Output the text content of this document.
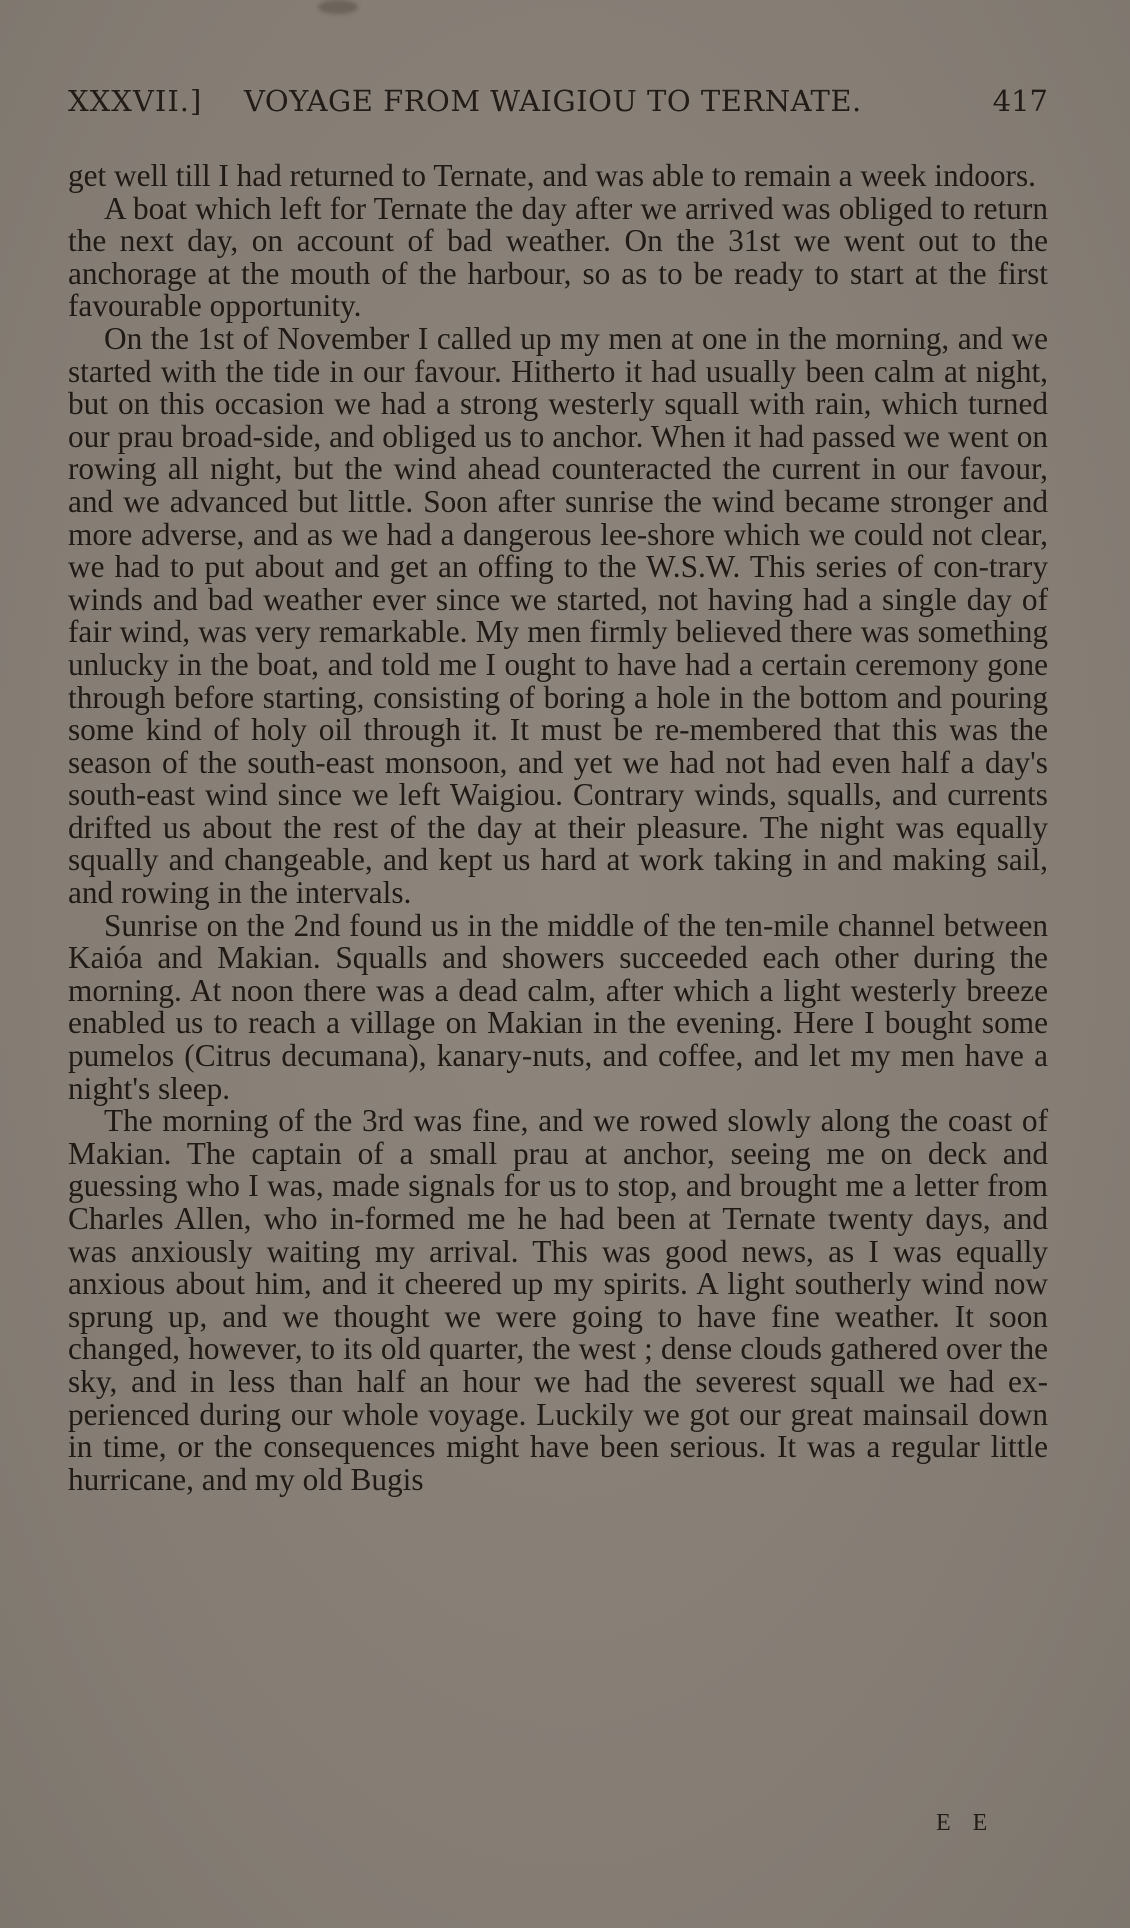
XXXVII.] VOYAGE FROM WAIGIOU TO TERNATE.	417

get well till I had returned to Ternate, and was able to remain a week indoors.

A boat which left for Ternate the day after we arrived was obliged to return the next day, on account of bad weather. On the 31st we went out to the anchorage at the mouth of the harbour, so as to be ready to start at the first favourable opportunity.

On the 1st of November I called up my men at one in the morning, and we started with the tide in our favour. Hitherto it had usually been calm at night, but on this occasion we had a strong westerly squall with rain, which turned our prau broad-side, and obliged us to anchor. When it had passed we went on rowing all night, but the wind ahead counteracted the current in our favour, and we advanced but little. Soon after sunrise the wind became stronger and more adverse, and as we had a dangerous lee-shore which we could not clear, we had to put about and get an offing to the W.S.W. This series of con-trary winds and bad weather ever since we started, not having had a single day of fair wind, was very remarkable. My men firmly believed there was something unlucky in the boat, and told me I ought to have had a certain ceremony gone through before starting, consisting of boring a hole in the bottom and pouring some kind of holy oil through it. It must be re-membered that this was the season of the south-east monsoon, and yet we had not had even half a day's south-east wind since we left Waigiou. Contrary winds, squalls, and currents drifted us about the rest of the day at their pleasure. The night was equally squally and changeable, and kept us hard at work taking in and making sail, and rowing in the intervals.

Sunrise on the 2nd found us in the middle of the ten-mile channel between Kaióa and Makian. Squalls and showers succeeded each other during the morning. At noon there was a dead calm, after which a light westerly breeze enabled us to reach a village on Makian in the evening. Here I bought some pumelos (Citrus decumana), kanary-nuts, and coffee, and let my men have a night's sleep.

The morning of the 3rd was fine, and we rowed slowly along the coast of Makian. The captain of a small prau at anchor, seeing me on deck and guessing who I was, made signals for us to stop, and brought me a letter from Charles Allen, who in-formed me he had been at Ternate twenty days, and was anxiously waiting my arrival. This was good news, as I was equally anxious about him, and it cheered up my spirits. A light southerly wind now sprung up, and we thought we were going to have fine weather. It soon changed, however, to its old quarter, the west ; dense clouds gathered over the sky, and in less than half an hour we had the severest squall we had ex-perienced during our whole voyage. Luckily we got our great mainsail down in time, or the consequences might have been serious. It was a regular little hurricane, and my old Bugis

E E
